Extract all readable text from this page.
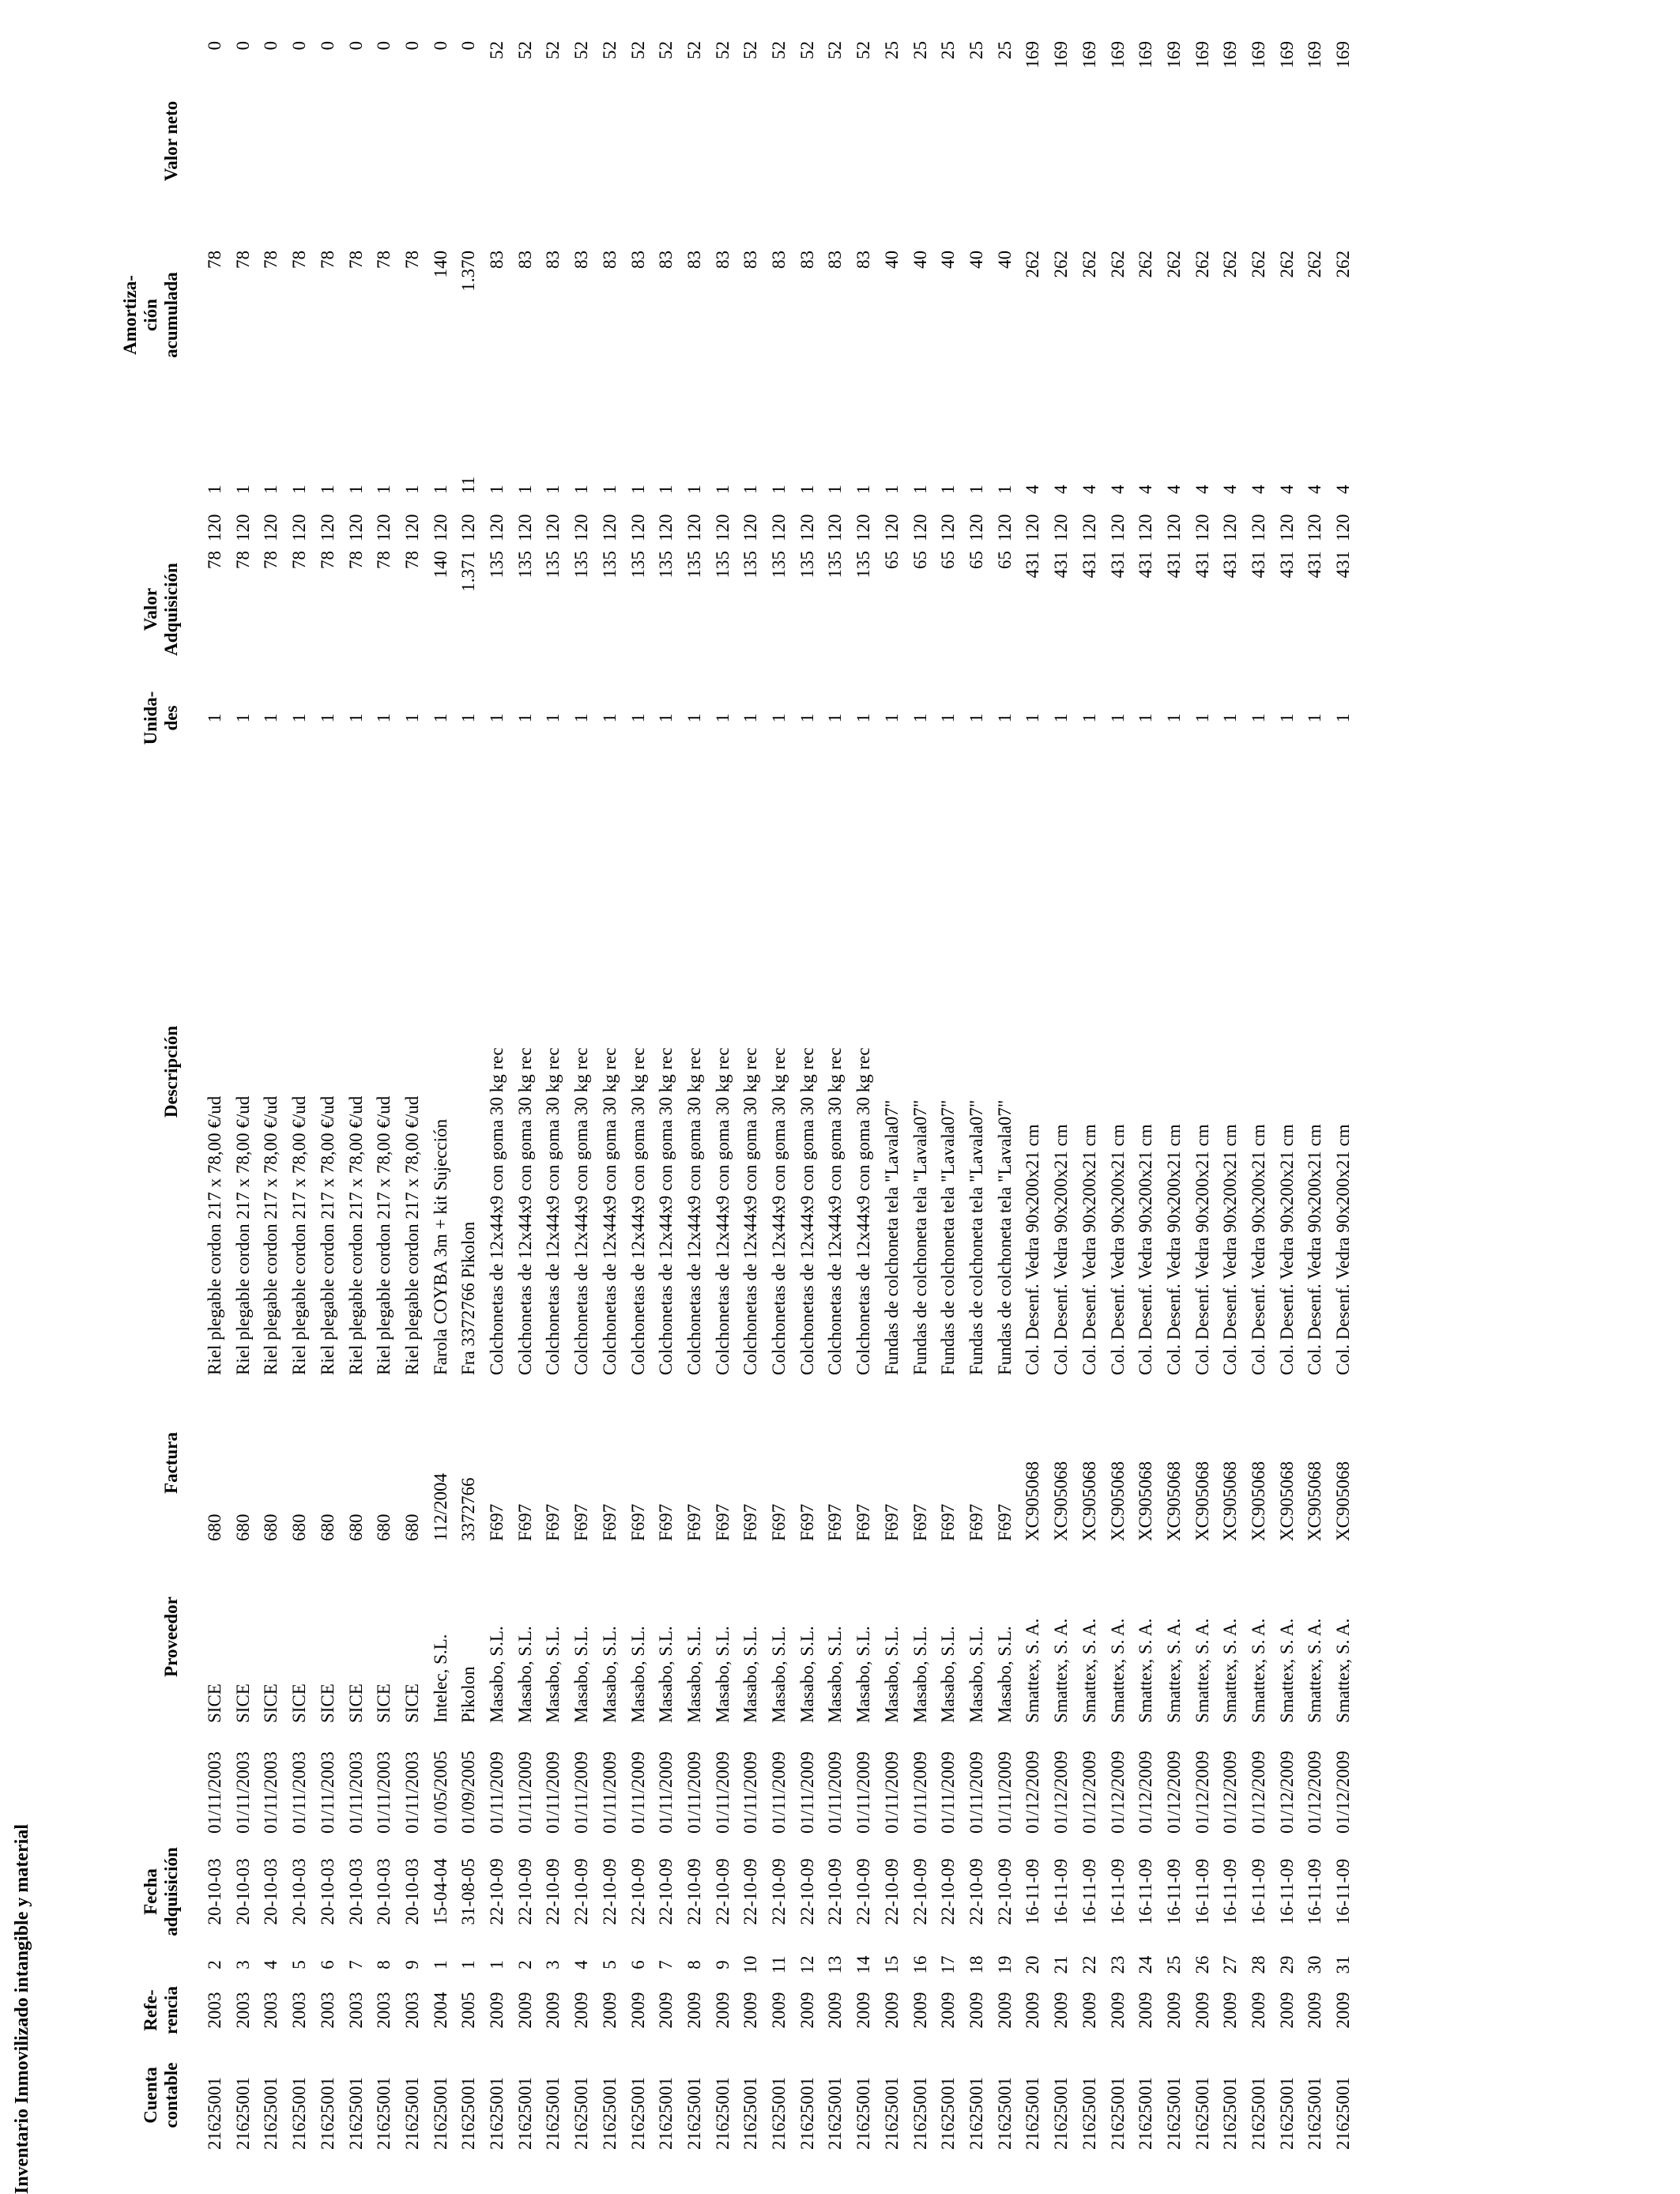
Inventario Inmovilizado intangible y material	Cuenta contable	Refe- rencia		Fecha adquisición		Proveedor	Factura	Descripción	Unida- des	Valor Adquisición			Amortiza- ción acumulada	Valor neto

21625001	2003	2	20-10-03	01/11/2003	SICE	680	Riel plegable cordon 217 x 78,00 €/ud	1	78	120	1	78	0
21625001	2003	3	20-10-03	01/11/2003	SICE	680	Riel plegable cordon 217 x 78,00 €/ud	1	78	120	1	78	0
21625001	2003	4	20-10-03	01/11/2003	SICE	680	Riel plegable cordon 217 x 78,00 €/ud	1	78	120	1	78	0
21625001	2003	5	20-10-03	01/11/2003	SICE	680	Riel plegable cordon 217 x 78,00 €/ud	1	78	120	1	78	0
21625001	2003	6	20-10-03	01/11/2003	SICE	680	Riel plegable cordon 217 x 78,00 €/ud	1	78	120	1	78	0
21625001	2003	7	20-10-03	01/11/2003	SICE	680	Riel plegable cordon 217 x 78,00 €/ud	1	78	120	1	78	0
21625001	2003	8	20-10-03	01/11/2003	SICE	680	Riel plegable cordon 217 x 78,00 €/ud	1	78	120	1	78	0
21625001	2003	9	20-10-03	01/11/2003	SICE	680	Riel plegable cordon 217 x 78,00 €/ud	1	78	120	1	78	0
21625001	2004	1	15-04-04	01/05/2005	Intelec, S.L.	112/2004	Farola COYBA 3m + kit Sujección	1	140	120	1	140	0
21625001	2005	1	31-08-05	01/09/2005	Pikolon	3372766	Fra 3372766 Pikolon	1	1.371	120	11	1.370	0
21625001	2009	1	22-10-09	01/11/2009	Masabo, S.L.	F697	Colchonetas de 12x44x9 con goma 30 kg rec	1	135	120	1	83	52
21625001	2009	2	22-10-09	01/11/2009	Masabo, S.L.	F697	Colchonetas de 12x44x9 con goma 30 kg rec	1	135	120	1	83	52
21625001	2009	3	22-10-09	01/11/2009	Masabo, S.L.	F697	Colchonetas de 12x44x9 con goma 30 kg rec	1	135	120	1	83	52
21625001	2009	4	22-10-09	01/11/2009	Masabo, S.L.	F697	Colchonetas de 12x44x9 con goma 30 kg rec	1	135	120	1	83	52
21625001	2009	5	22-10-09	01/11/2009	Masabo, S.L.	F697	Colchonetas de 12x44x9 con goma 30 kg rec	1	135	120	1	83	52
21625001	2009	6	22-10-09	01/11/2009	Masabo, S.L.	F697	Colchonetas de 12x44x9 con goma 30 kg rec	1	135	120	1	83	52
21625001	2009	7	22-10-09	01/11/2009	Masabo, S.L.	F697	Colchonetas de 12x44x9 con goma 30 kg rec	1	135	120	1	83	52
21625001	2009	8	22-10-09	01/11/2009	Masabo, S.L.	F697	Colchonetas de 12x44x9 con goma 30 kg rec	1	135	120	1	83	52
21625001	2009	9	22-10-09	01/11/2009	Masabo, S.L.	F697	Colchonetas de 12x44x9 con goma 30 kg rec	1	135	120	1	83	52
21625001	2009	10	22-10-09	01/11/2009	Masabo, S.L.	F697	Colchonetas de 12x44x9 con goma 30 kg rec	1	135	120	1	83	52
21625001	2009	11	22-10-09	01/11/2009	Masabo, S.L.	F697	Colchonetas de 12x44x9 con goma 30 kg rec	1	135	120	1	83	52
21625001	2009	12	22-10-09	01/11/2009	Masabo, S.L.	F697	Colchonetas de 12x44x9 con goma 30 kg rec	1	135	120	1	83	52
21625001	2009	13	22-10-09	01/11/2009	Masabo, S.L.	F697	Colchonetas de 12x44x9 con goma 30 kg rec	1	135	120	1	83	52
21625001	2009	14	22-10-09	01/11/2009	Masabo, S.L.	F697	Colchonetas de 12x44x9 con goma 30 kg rec	1	135	120	1	83	52
21625001	2009	15	22-10-09	01/11/2009	Masabo, S.L.	F697	Fundas de colchoneta tela "Lavala07"	1	65	120	1	40	25
21625001	2009	16	22-10-09	01/11/2009	Masabo, S.L.	F697	Fundas de colchoneta tela "Lavala07"	1	65	120	1	40	25
21625001	2009	17	22-10-09	01/11/2009	Masabo, S.L.	F697	Fundas de colchoneta tela "Lavala07"	1	65	120	1	40	25
21625001	2009	18	22-10-09	01/11/2009	Masabo, S.L.	F697	Fundas de colchoneta tela "Lavala07"	1	65	120	1	40	25
21625001	2009	19	22-10-09	01/11/2009	Masabo, S.L.	F697	Fundas de colchoneta tela "Lavala07"	1	65	120	1	40	25
21625001	2009	20	16-11-09	01/12/2009	Smattex, S. A.	XC905068	Col. Desenf. Vedra 90x200x21 cm	1	431	120	4	262	169
21625001	2009	21	16-11-09	01/12/2009	Smattex, S. A.	XC905068	Col. Desenf. Vedra 90x200x21 cm	1	431	120	4	262	169
21625001	2009	22	16-11-09	01/12/2009	Smattex, S. A.	XC905068	Col. Desenf. Vedra 90x200x21 cm	1	431	120	4	262	169
21625001	2009	23	16-11-09	01/12/2009	Smattex, S. A.	XC905068	Col. Desenf. Vedra 90x200x21 cm	1	431	120	4	262	169
21625001	2009	24	16-11-09	01/12/2009	Smattex, S. A.	XC905068	Col. Desenf. Vedra 90x200x21 cm	1	431	120	4	262	169
21625001	2009	25	16-11-09	01/12/2009	Smattex, S. A.	XC905068	Col. Desenf. Vedra 90x200x21 cm	1	431	120	4	262	169
21625001	2009	26	16-11-09	01/12/2009	Smattex, S. A.	XC905068	Col. Desenf. Vedra 90x200x21 cm	1	431	120	4	262	169
21625001	2009	27	16-11-09	01/12/2009	Smattex, S. A.	XC905068	Col. Desenf. Vedra 90x200x21 cm	1	431	120	4	262	169
21625001	2009	28	16-11-09	01/12/2009	Smattex, S. A.	XC905068	Col. Desenf. Vedra 90x200x21 cm	1	431	120	4	262	169
21625001	2009	29	16-11-09	01/12/2009	Smattex, S. A.	XC905068	Col. Desenf. Vedra 90x200x21 cm	1	431	120	4	262	169
21625001	2009	30	16-11-09	01/12/2009	Smattex, S. A.	XC905068	Col. Desenf. Vedra 90x200x21 cm	1	431	120	4	262	169
21625001	2009	31	16-11-09	01/12/2009	Smattex, S. A.	XC905068	Col. Desenf. Vedra 90x200x21 cm	1	431	120	4	262	169
